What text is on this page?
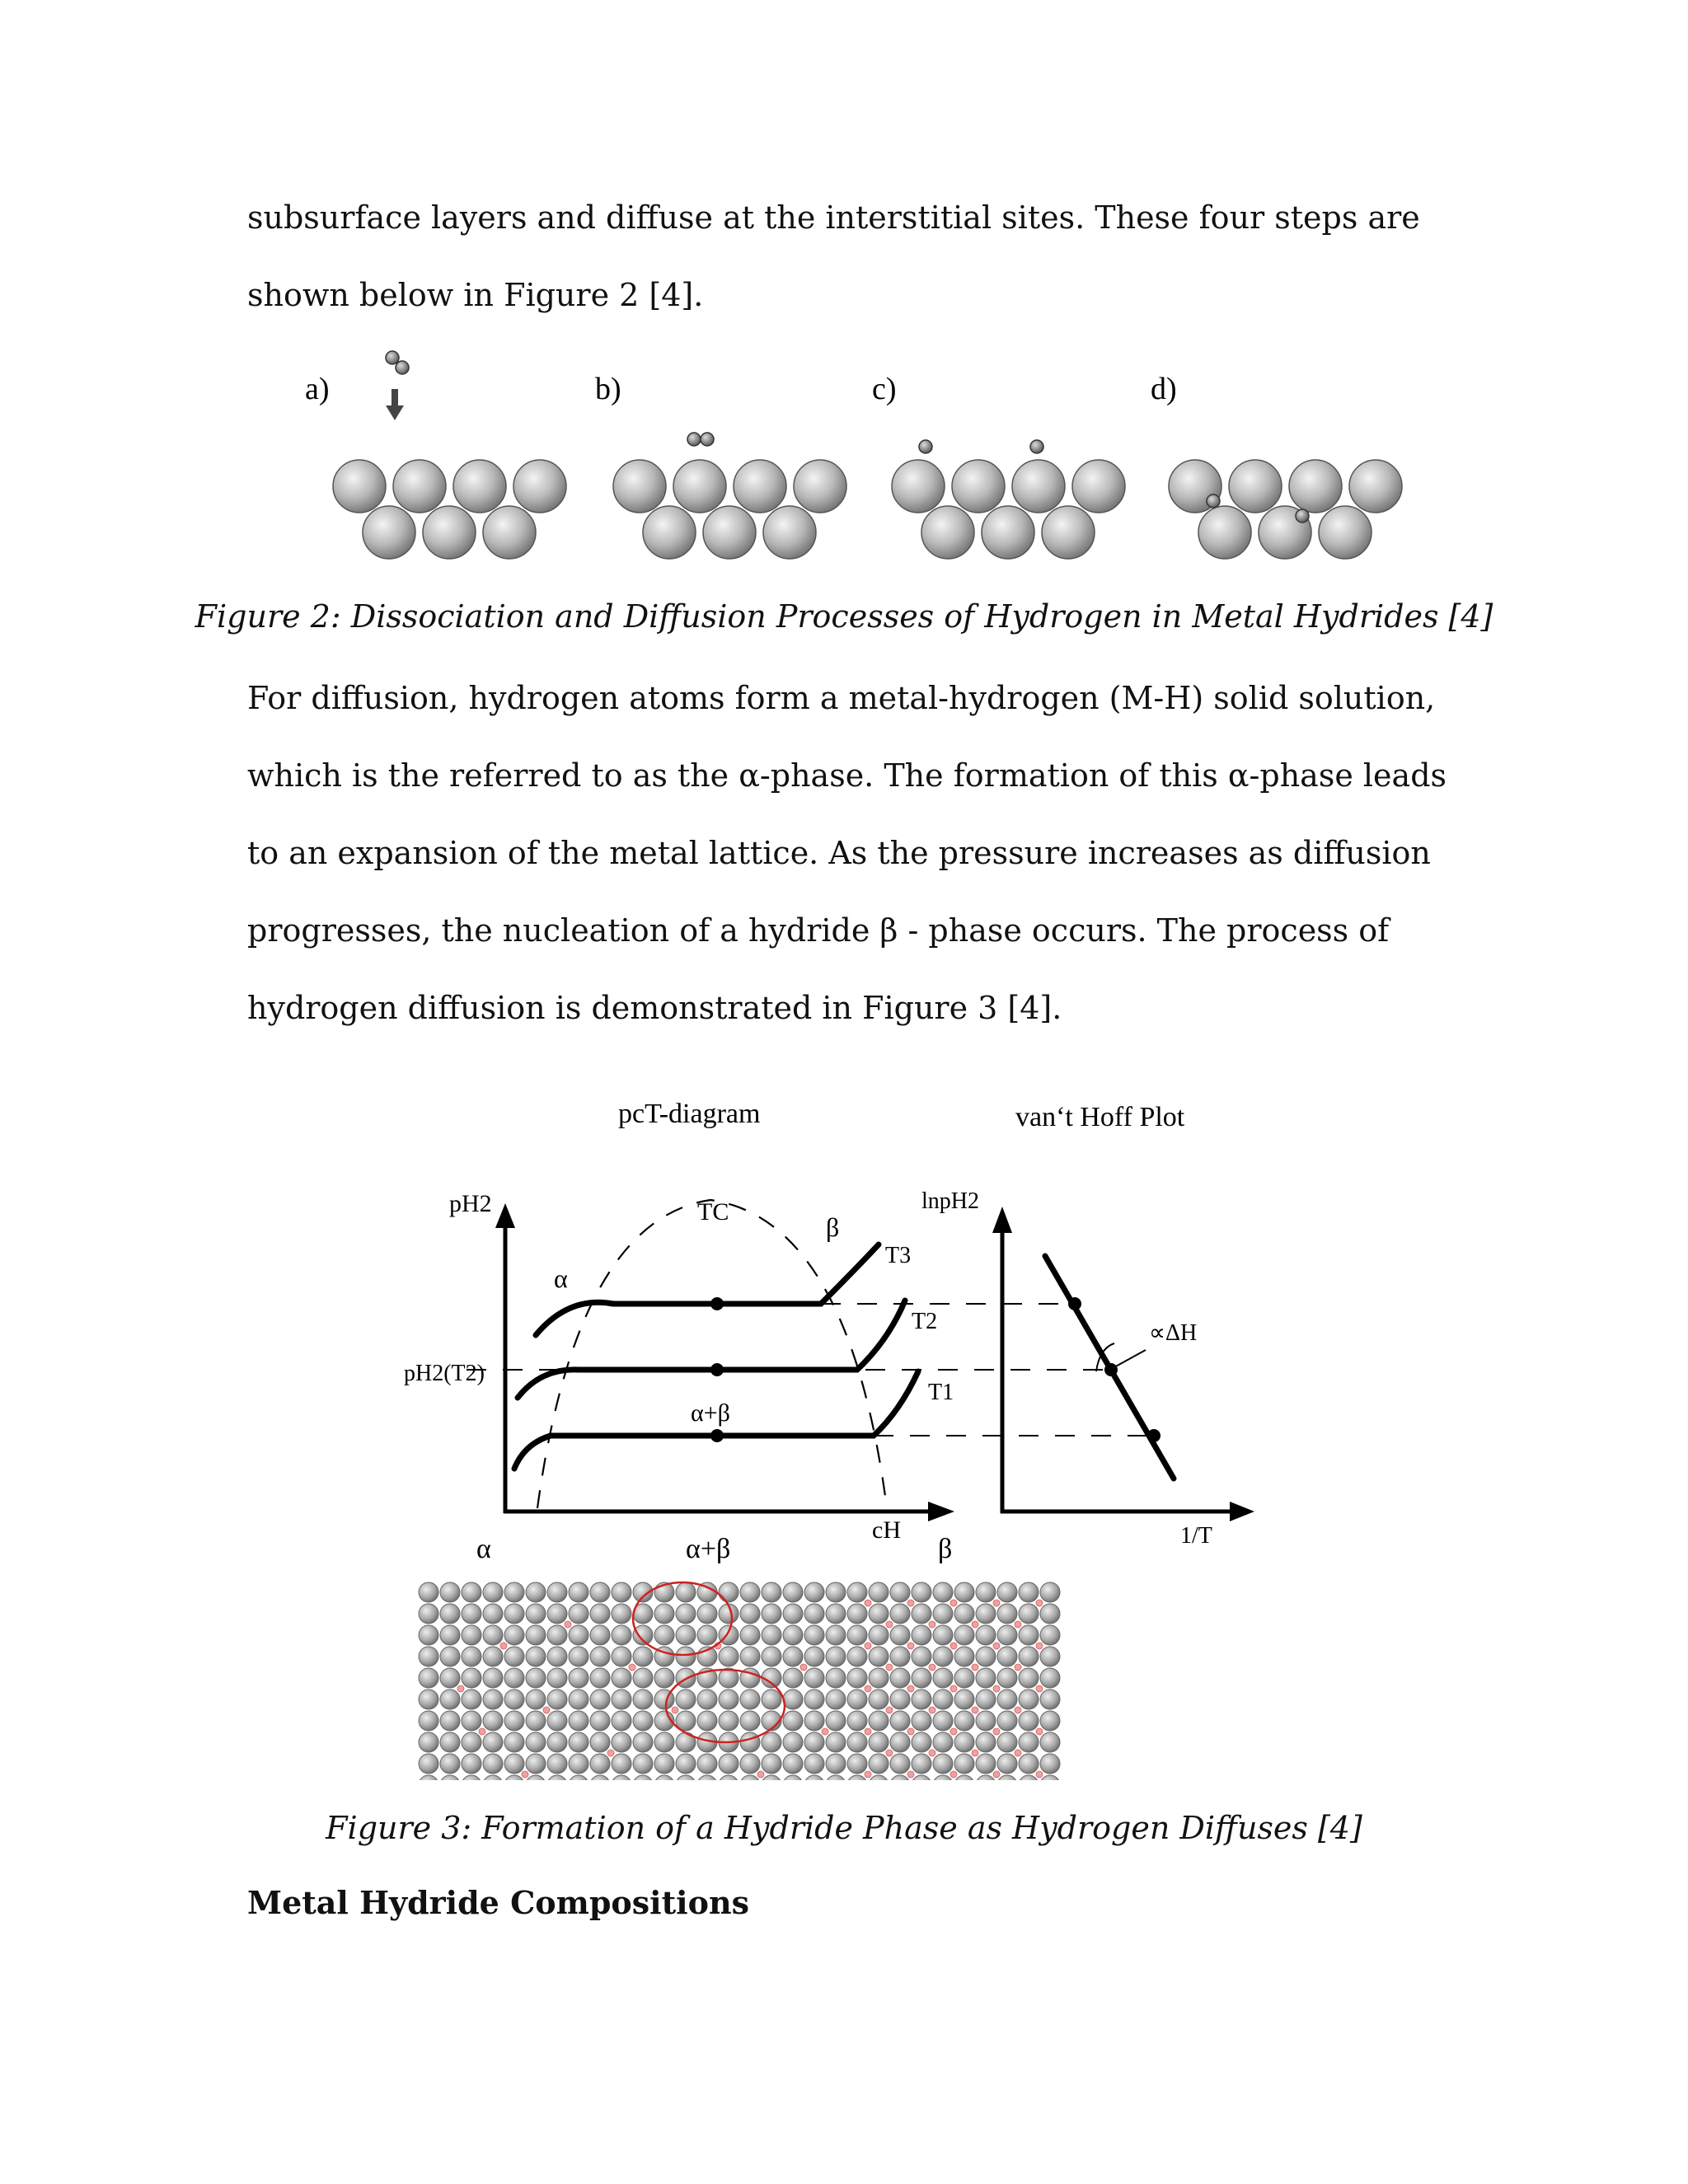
subsurface layers and diffuse at the interstitial sites. These four steps are shown below in Figure 2 [4].

a)	b)	c)	d)

Figure 2: Dissociation and Diffusion Processes of Hydrogen in Metal Hydrides [4]

For diffusion, hydrogen atoms form a metal-hydrogen (M-H) solid solution, which is the referred to as the α-phase. The formation of this α-phase leads to an expansion of the metal lattice. As the pressure increases as diffusion progresses, the nucleation of a hydride β - phase occurs. The process of hydrogen diffusion is demonstrated in Figure 3 [4].

pcT-diagram	van‘t Hoff Plot
pH2
pH2(T2)
cH
TC
α
β
α+β
T3
T2
T1
lnpH2
1/T
∝ΔH
α	α+β	β

Figure 3: Formation of a Hydride Phase as Hydrogen Diffuses [4]

Metal Hydride Compositions
